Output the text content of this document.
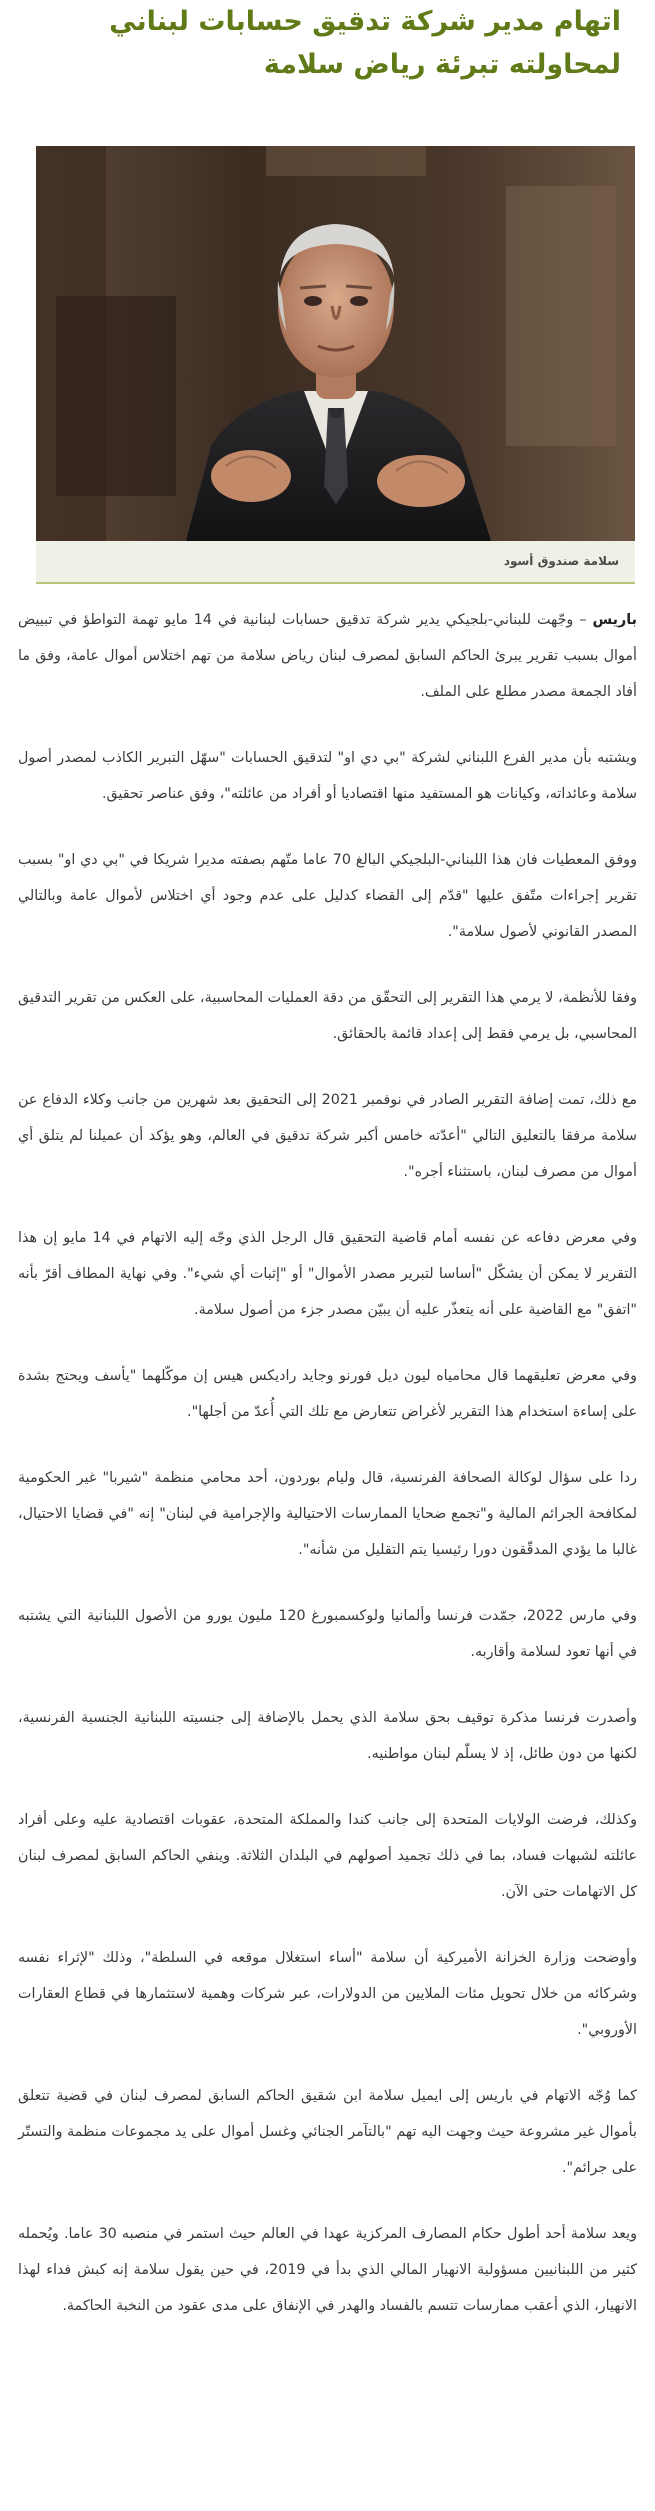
اتهام مدير شركة تدقيق حسابات لبناني لمحاولته تبرئة رياض سلامة
سلامة صندوق أسود

باريس – وجّهت للبناني-بلجيكي يدير شركة تدقيق حسابات لبنانية في 14 مايو تهمة التواطؤ في تبييض أموال بسبب تقرير يبرئ الحاكم السابق لمصرف لبنان رياض سلامة من تهم اختلاس أموال عامة، وفق ما أفاد الجمعة مصدر مطلع على الملف.

ويشتبه بأن مدير الفرع اللبناني لشركة "بي دي او" لتدقيق الحسابات "سهّل التبرير الكاذب لمصدر أصول سلامة وعائداته، وكيانات هو المستفيد منها اقتصاديا أو أفراد من عائلته"، وفق عناصر تحقيق.

ووفق المعطيات فان هذا اللبناني-البلجيكي البالغ 70 عاما متّهم بصفته مديرا شريكا في "بي دي او" بسبب تقرير إجراءات متّفق عليها "قدّم إلى القضاء كدليل على عدم وجود أي اختلاس لأموال عامة وبالتالي المصدر القانوني لأصول سلامة".

وفقا للأنظمة، لا يرمي هذا التقرير إلى التحقّق من دقة العمليات المحاسبية، على العكس من تقرير التدقيق المحاسبي، بل يرمي فقط إلى إعداد قائمة بالحقائق.

مع ذلك، تمت إضافة التقرير الصادر في نوفمبر 2021 إلى التحقيق بعد شهرين من جانب وكلاء الدفاع عن سلامة مرفقا بالتعليق التالي "أعدّته خامس أكبر شركة تدقيق في العالم، وهو يؤكد أن عميلنا لم يتلق أي أموال من مصرف لبنان، باستثناء أجره".

وفي معرض دفاعه عن نفسه أمام قاضية التحقيق قال الرجل الذي وجّه إليه الاتهام في 14 مايو إن هذا التقرير لا يمكن أن يشكّل "أساسا لتبرير مصدر الأموال" أو "إثبات أي شيء". وفي نهاية المطاف أقرّ بأنه "اتفق" مع القاضية على أنه يتعذّر عليه أن يبيّن مصدر جزء من أصول سلامة.

وفي معرض تعليقهما قال محامياه ليون ديل فورنو وجايد راديكس هيس إن موكّلهما "يأسف ويحتج بشدة على إساءة استخدام هذا التقرير لأغراض تتعارض مع تلك التي أُعدّ من أجلها".

ردا على سؤال لوكالة الصحافة الفرنسية، قال وليام بوردون، أحد محامي منظمة "شيربا" غير الحكومية لمكافحة الجرائم المالية و"تجمع ضحايا الممارسات الاحتيالية والإجرامية في لبنان" إنه "في قضايا الاحتيال، غالبا ما يؤدي المدقّقون دورا رئيسيا يتم التقليل من شأنه".

وفي مارس 2022، جمّدت فرنسا وألمانيا ولوكسمبورغ 120 مليون يورو من الأصول اللبنانية التي يشتبه في أنها تعود لسلامة وأقاربه.

وأصدرت فرنسا مذكرة توقيف بحق سلامة الذي يحمل بالإضافة إلى جنسيته اللبنانية الجنسية الفرنسية، لكنها من دون طائل، إذ لا يسلّم لبنان مواطنيه.

وكذلك، فرضت الولايات المتحدة إلى جانب كندا والمملكة المتحدة، عقوبات اقتصادية عليه وعلى أفراد عائلته لشبهات فساد، بما في ذلك تجميد أصولهم في البلدان الثلاثة. وينفي الحاكم السابق لمصرف لبنان كل الاتهامات حتى الآن.

وأوضحت وزارة الخزانة الأميركية أن سلامة "أساء استغلال موقعه في السلطة"، وذلك "لإثراء نفسه وشركائه من خلال تحويل مئات الملايين من الدولارات، عبر شركات وهمية لاستثمارها في قطاع العقارات الأوروبي".

كما وُجّه الاتهام في باريس إلى ايميل سلامة ابن شقيق الحاكم السابق لمصرف لبنان في قضية تتعلق بأموال غير مشروعة حيث وجهت اليه تهم "بالتآمر الجنائي وغسل أموال على يد مجموعات منظمة والتستّر على جرائم".

ويعد سلامة أحد أطول حكام المصارف المركزية عهدا في العالم حيث استمر في منصبه 30 عاما. ويُحمله كثير من اللبنانيين مسؤولية الانهيار المالي الذي بدأ في 2019، في حين يقول سلامة إنه كبش فداء لهذا الانهيار، الذي أعقب ممارسات تتسم بالفساد والهدر في الإنفاق على مدى عقود من النخبة الحاكمة.
